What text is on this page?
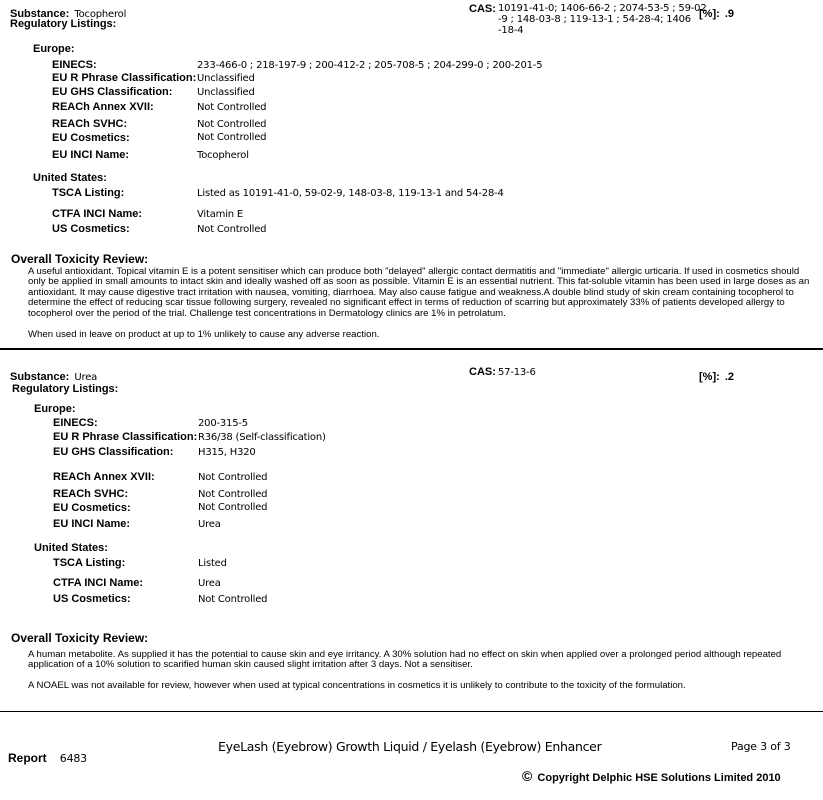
Substance: Tocopherol	CAS: 10191-41-0; 1406-66-2 ; 2074-53-5 ; 59-02
-9 ; 148-03-8 ; 119-13-1 ; 54-28-4; 1406
-18-4
[%]: .9
Regulatory Listings:
Europe:
EINECS:	233-466-0 ; 218-197-9 ; 200-412-2 ; 205-708-5 ; 204-299-0 ; 200-201-5
EU R Phrase Classification: Unclassified
EU GHS Classification: Unclassified
REACh Annex XVII:	Not Controlled
REACh SVHC:	Not Controlled
EU Cosmetics:	Not Controlled
EU INCI Name:	Tocopherol
United States:
TSCA Listing:	Listed as 10191-41-0, 59-02-9, 148-03-8, 119-13-1 and 54-28-4
CTFA INCI Name:	Vitamin E
US Cosmetics:	Not Controlled
Overall Toxicity Review:
A useful antioxidant. Topical vitamin E is a potent sensitiser which can produce both "delayed" allergic contact dermatitis and "immediate" allergic urticaria. If used in cosmetics should only be applied in small amounts to intact skin and ideally washed off as soon as possible. Vitamin E is an essential nutrient. This fat-soluble vitamin has been used in large doses as an antioxidant. It may cause digestive tract irritation with nausea, vomiting, diarrhoea. May also cause fatigue and weakness.A double blind study of skin cream containing tocopherol to determine the effect of reducing scar tissue following surgery, revealed no significant effect in terms of reduction of scarring but approximately 33% of patients developed allergy to tocopherol over the period of the trial. Challenge test concentrations in Dermatology clinics are 1% in petrolatum.
When used in leave on product at up to 1% unlikely to cause any adverse reaction.
Substance: Urea	CAS: 57-13-6	[%]: .2
Regulatory Listings:
Europe:
EINECS:	200-315-5
EU R Phrase Classification: R36/38 (Self-classification)
EU GHS Classification: H315, H320
REACh Annex XVII:	Not Controlled
REACh SVHC:	Not Controlled
EU Cosmetics:	Not Controlled
EU INCI Name:	Urea
United States:
TSCA Listing:	Listed
CTFA INCI Name:	Urea
US Cosmetics:	Not Controlled
Overall Toxicity Review:
A human metabolite. As supplied it has the potential to cause skin and eye irritancy. A 30% solution had no effect on skin when applied over a prolonged period although repeated application of a 10% solution to scarified human skin caused slight irritation after 3 days. Not a sensitiser.
A NOAEL was not available for review, however when used at typical concentrations in cosmetics it is unlikely to contribute to the toxicity of the formulation.
Report 6483
EyeLash (Eyebrow) Growth Liquid / Eyelash (Eyebrow) Enhancer	Page 3 of 3
© Copyright Delphic HSE Solutions Limited 2010
